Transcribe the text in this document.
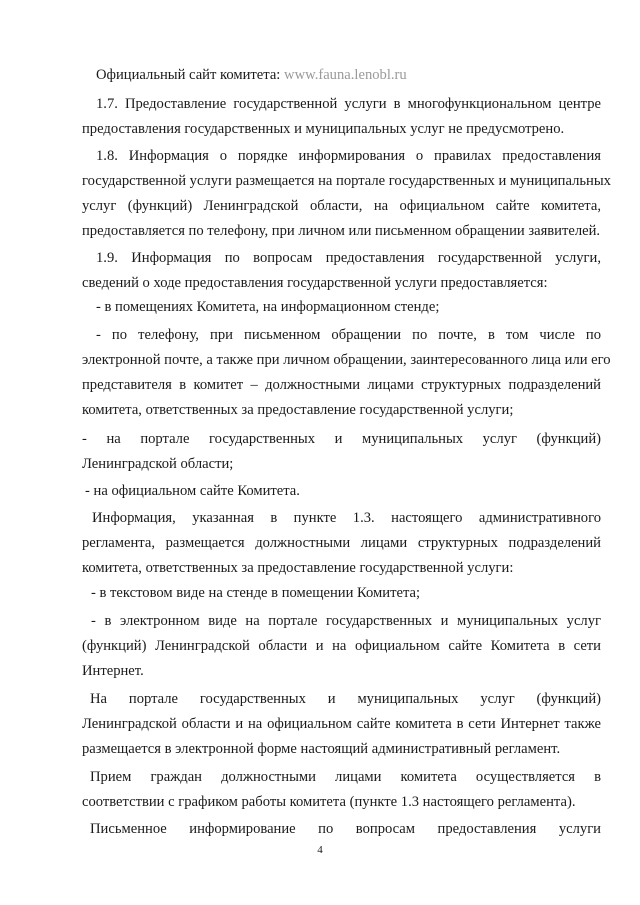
Официальный сайт комитета: www.fauna.lenobl.ru
1.7. Предоставление государственной услуги в многофункциональном центре
предоставления государственных и муниципальных услуг не предусмотрено.
1.8. Информация о порядке информирования о правилах предоставления
государственной услуги размещается на портале государственных и муниципальных
услуг (функций) Ленинградской области, на официальном сайте комитета,
предоставляется по телефону, при личном или письменном обращении заявителей.
1.9. Информация по вопросам предоставления государственной услуги,
сведений о ходе предоставления государственной услуги предоставляется:
- в помещениях Комитета, на информационном стенде;
- по телефону, при письменном обращении по почте, в том числе по
электронной почте, а также при личном обращении, заинтересованного лица или его
представителя в комитет – должностными лицами структурных подразделений
комитета, ответственных за предоставление государственной услуги;
- на портале государственных и муниципальных услуг (функций)
Ленинградской области;
- на официальном сайте Комитета.
Информация, указанная в пункте 1.3. настоящего административного
регламента, размещается должностными лицами структурных подразделений
комитета, ответственных за предоставление государственной услуги:
- в текстовом виде на стенде в помещении Комитета;
- в электронном виде на портале государственных и муниципальных услуг
(функций) Ленинградской области и на официальном сайте Комитета в сети
Интернет.
На портале государственных и муниципальных услуг (функций)
Ленинградской области и на официальном сайте комитета в сети Интернет также
размещается в электронной форме настоящий административный регламент.
Прием граждан должностными лицами комитета осуществляется в
соответствии с графиком работы комитета (пункте 1.3 настоящего регламента).
Письменное информирование по вопросам предоставления услуги
4
